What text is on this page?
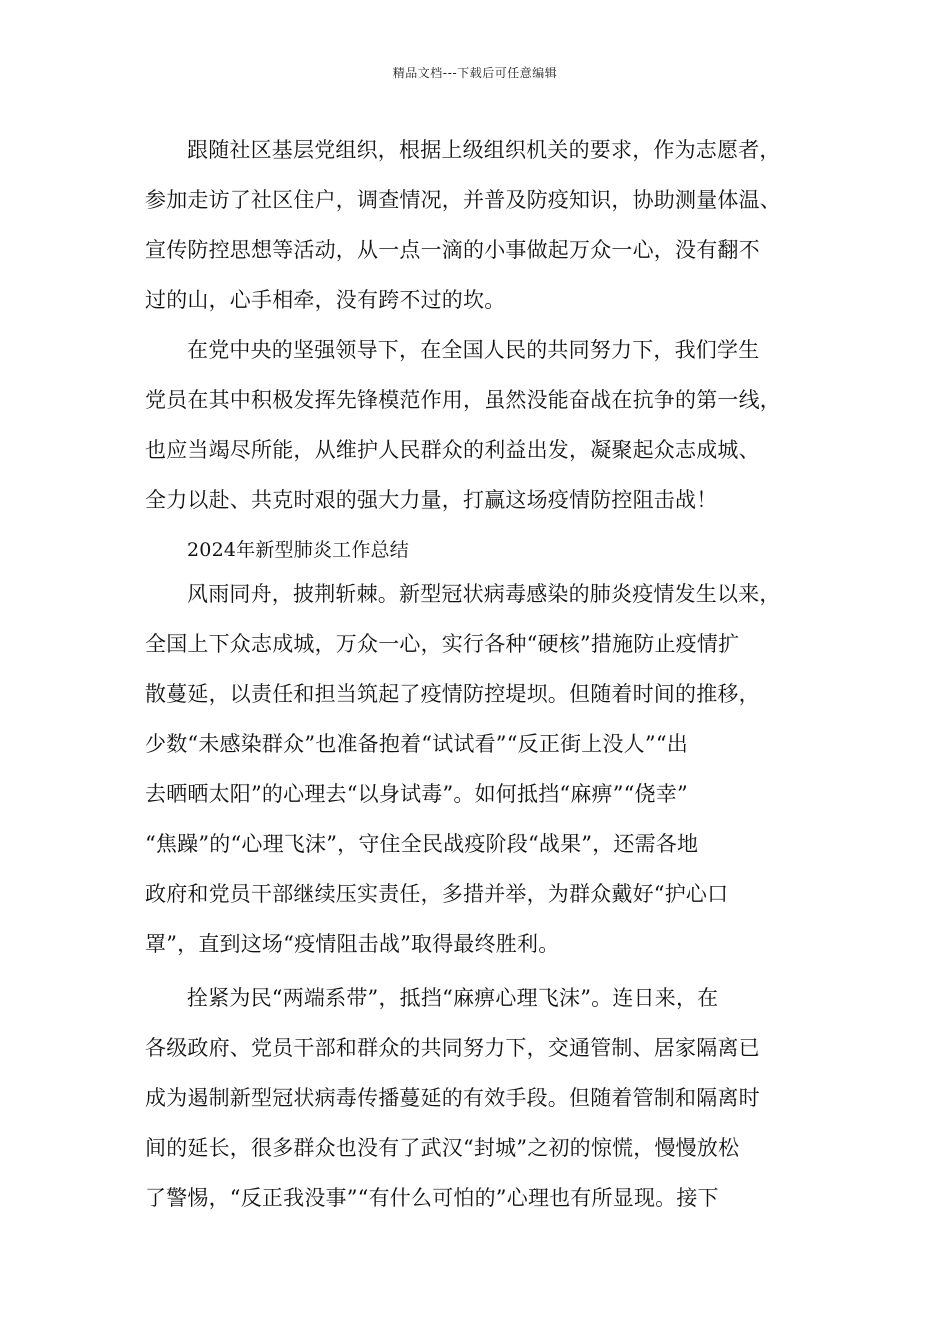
精品文档---下载后可任意编辑
跟随社区基层党组织，根据上级组织机关的要求，作为志愿者，
参加走访了社区住户，调查情况，并普及防疫知识，协助测量体温、
宣传防控思想等活动，从一点一滴的小事做起万众一心，没有翻不
过的山，心手相牵，没有跨不过的坎。
在党中央的坚强领导下，在全国人民的共同努力下，我们学生
党员在其中积极发挥先锋模范作用，虽然没能奋战在抗争的第一线，
也应当竭尽所能，从维护人民群众的利益出发，凝聚起众志成城、
全力以赴、共克时艰的强大力量，打赢这场疫情防控阻击战！
2024年新型肺炎工作总结
风雨同舟，披荆斩棘。新型冠状病毒感染的肺炎疫情发生以来，
全国上下众志成城，万众一心，实行各种“硬核”措施防止疫情扩
散蔓延，以责任和担当筑起了疫情防控堤坝。但随着时间的推移，
少数“未感染群众”也准备抱着“试试看”“反正街上没人”“出
去晒晒太阳”的心理去“以身试毒”。如何抵挡“麻痹”“侥幸”
“焦躁”的“心理飞沫”，守住全民战疫阶段“战果”，还需各地
政府和党员干部继续压实责任，多措并举，为群众戴好“护心口
罩”，直到这场“疫情阻击战”取得最终胜利。
拴紧为民“两端系带”，抵挡“麻痹心理飞沫”。连日来，在
各级政府、党员干部和群众的共同努力下，交通管制、居家隔离已
成为遏制新型冠状病毒传播蔓延的有效手段。但随着管制和隔离时
间的延长，很多群众也没有了武汉“封城”之初的惊慌，慢慢放松
了警惕，“反正我没事”“有什么可怕的”心理也有所显现。接下
